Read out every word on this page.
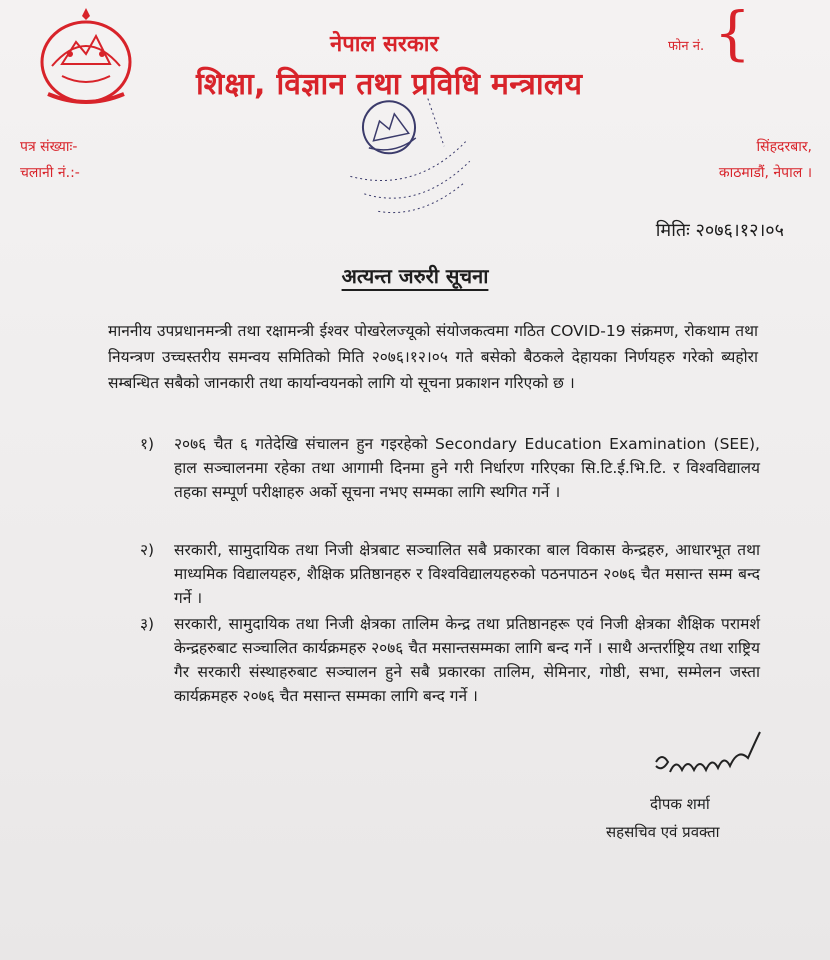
नेपाल सरकार
शिक्षा, विज्ञान तथा प्रविधि मन्त्रालय
फोन नं. {
पत्र संख्याः-
चलानी नं.:-
सिंहदरबार,
काठमाडौं, नेपाल ।
मितिः २०७६।१२।०५
अत्यन्त जरुरी सूचना
माननीय उपप्रधानमन्त्री तथा रक्षामन्त्री ईश्वर पोखरेलज्यूको संयोजकत्वमा गठित COVID-19 संक्रमण, रोकथाम तथा नियन्त्रण उच्चस्तरीय समन्वय समितिको मिति २०७६।१२।०५ गते बसेको बैठकले देहायका निर्णयहरु गरेको ब्यहोरा सम्बन्धित सबैको जानकारी तथा कार्यान्वयनको लागि यो सूचना प्रकाशन गरिएको छ ।
१) २०७६ चैत ६ गतेदेखि संचालन हुन गइरहेको Secondary Education Examination (SEE), हाल सञ्चालनमा रहेका तथा आगामी दिनमा हुने गरी निर्धारण गरिएका सि.टि.ई.भि.टि. र विश्वविद्यालय तहका सम्पूर्ण परीक्षाहरु अर्को सूचना नभए सम्मका लागि स्थगित गर्ने ।
२) सरकारी, सामुदायिक तथा निजी क्षेत्रबाट सञ्चालित सबै प्रकारका बाल विकास केन्द्रहरु, आधारभूत तथा माध्यमिक विद्यालयहरु, शैक्षिक प्रतिष्ठानहरु र विश्वविद्यालयहरुको पठनपाठन २०७६ चैत मसान्त सम्म बन्द गर्ने ।
३) सरकारी, सामुदायिक तथा निजी क्षेत्रका तालिम केन्द्र तथा प्रतिष्ठानहरू एवं निजी क्षेत्रका शैक्षिक परामर्श केन्द्रहरुबाट सञ्चालित कार्यक्रमहरु २०७६ चैत मसान्तसम्मका लागि बन्द गर्ने । साथै अन्तर्राष्ट्रिय तथा राष्ट्रिय गैर सरकारी संस्थाहरुबाट सञ्चालन हुने सबै प्रकारका तालिम, सेमिनार, गोष्ठी, सभा, सम्मेलन जस्ता कार्यक्रमहरु २०७६ चैत मसान्त सम्मका लागि बन्द गर्ने ।
दीपक शर्मा
सहसचिव एवं प्रवक्ता
